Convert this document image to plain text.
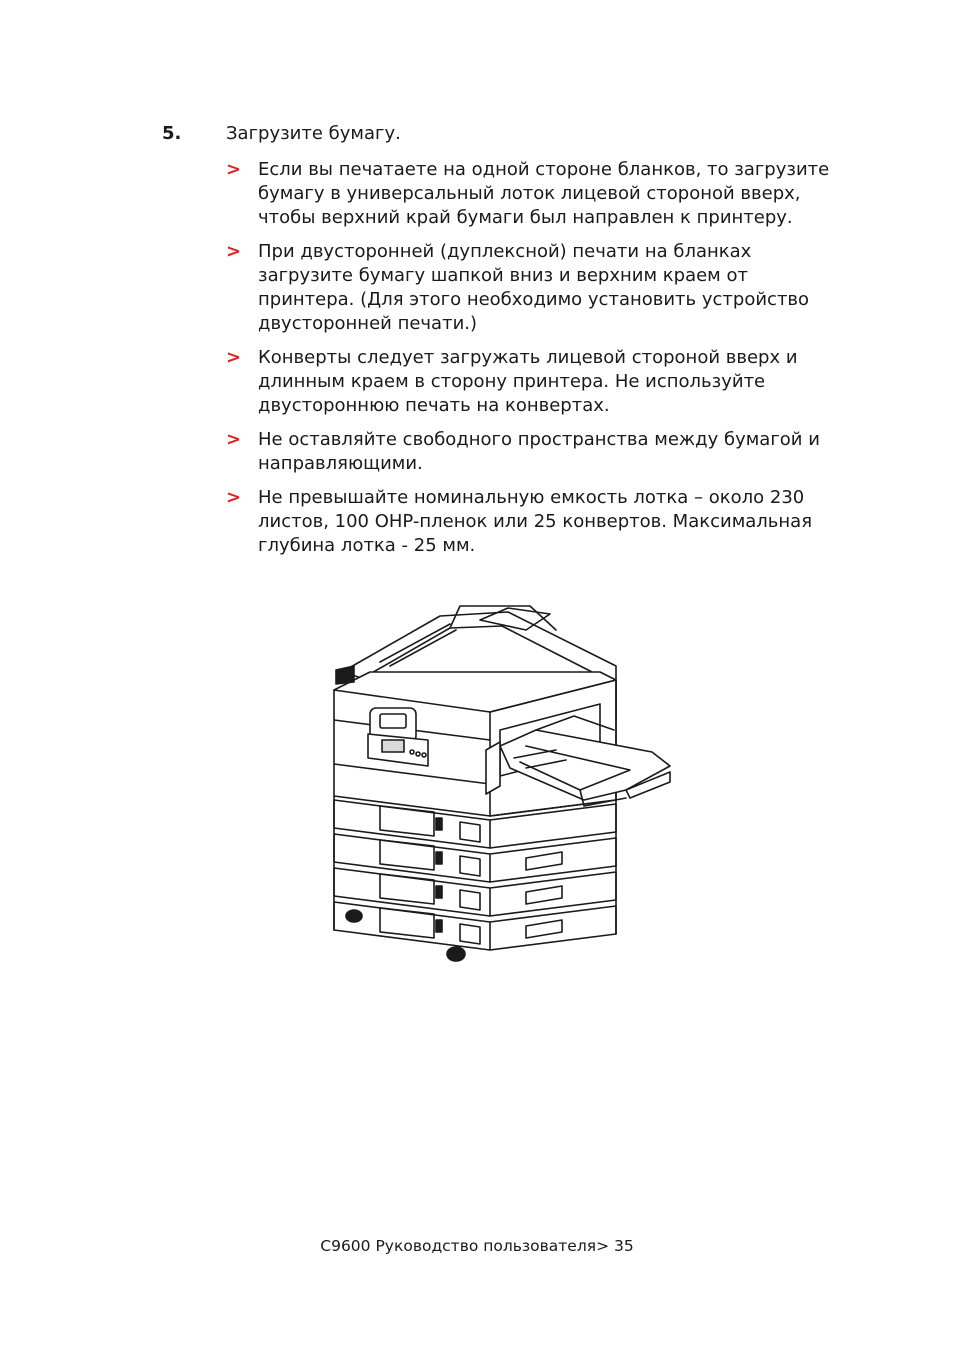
5. Загрузите бумагу.
> Если вы печатаете на одной стороне бланков, то загрузите бумагу в универсальный лоток лицевой стороной вверх, чтобы верхний край бумаги был направлен к принтеру.
> При двусторонней (дуплексной) печати на бланках загрузите бумагу шапкой вниз и верхним краем от принтера. (Для этого необходимо установить устройство двусторонней печати.)
> Конверты следует загружать лицевой стороной вверх и длинным краем в сторону принтера. Не используйте двустороннюю печать на конвертах.
> Не оставляйте свободного пространства между бумагой и направляющими.
> Не превышайте номинальную емкость лотка – около 230 листов, 100 OHP-пленок или 25 конвертов. Максимальная глубина лотка - 25 мм.
C9600 Руководство пользователя> 35
